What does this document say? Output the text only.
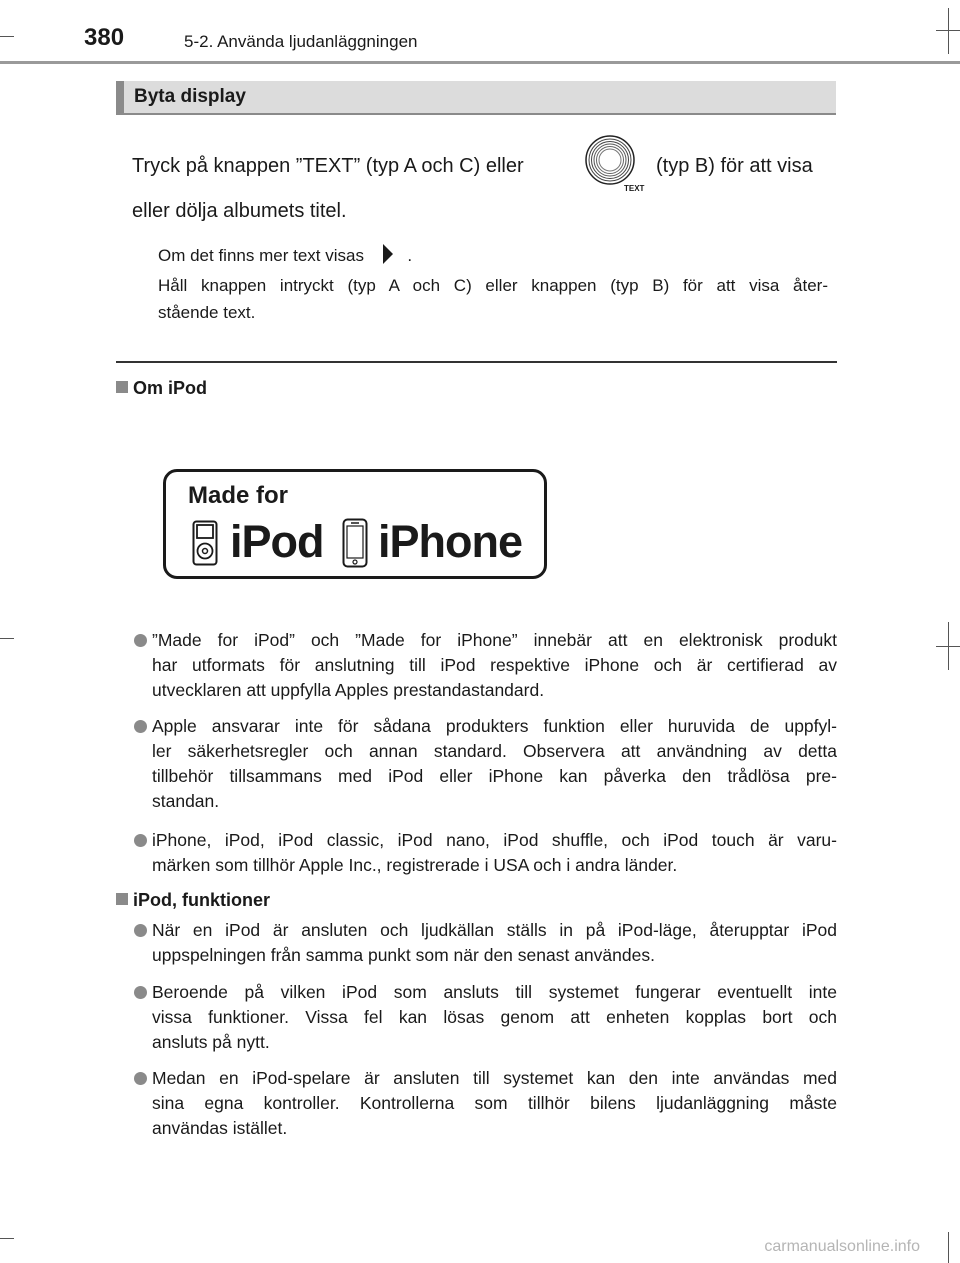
380	5-2. Använda ljudanläggningen
Byta display
Tryck på knappen ”TEXT” (typ A och C) eller
TEXT
(typ B) för att visa
eller dölja albumets titel.
Om det finns mer text visas	.
Håll knappen intryckt (typ A och C) eller knappen (typ B) för att visa åter-
stående text.
Om iPod
Made for
iPod iPhone
”Made for iPod” och ”Made for iPhone” innebär att en elektronisk produkt
har utformats för anslutning till iPod respektive iPhone och är certifierad av
utvecklaren att uppfylla Apples prestandastandard.
Apple ansvarar inte för sådana produkters funktion eller huruvida de uppfyl-
ler säkerhetsregler och annan standard. Observera att användning av detta
tillbehör tillsammans med iPod eller iPhone kan påverka den trådlösa pre-
standan.
iPhone, iPod, iPod classic, iPod nano, iPod shuffle, och iPod touch är varu-
märken som tillhör Apple Inc., registrerade i USA och i andra länder.
iPod, funktioner
När en iPod är ansluten och ljudkällan ställs in på iPod-läge, återupptar iPod
uppspelningen från samma punkt som när den senast användes.
Beroende på vilken iPod som ansluts till systemet fungerar eventuellt inte
vissa funktioner. Vissa fel kan lösas genom att enheten kopplas bort och
ansluts på nytt.
Medan en iPod-spelare är ansluten till systemet kan den inte användas med
sina egna kontroller. Kontrollerna som tillhör bilens ljudanläggning måste
användas istället.
carmanualsonline.info
